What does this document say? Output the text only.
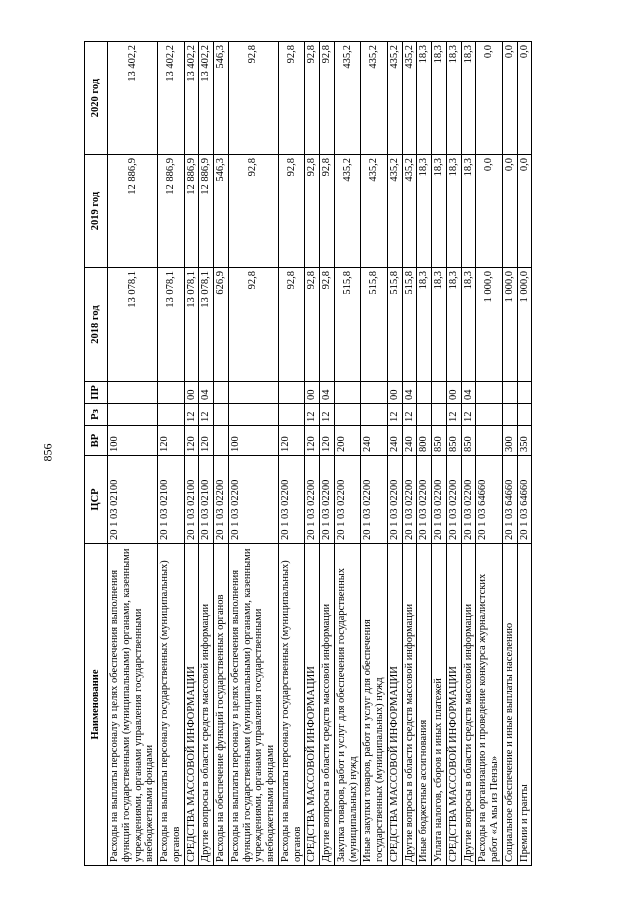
856
Наименование	ЦСР	ВР	Рз	ПР	2018 год	2019 год	2020 год
Расходы на выплаты персоналу в целях обеспечения выполнения функций государственными (муниципальными) органами, казенными учреждениями, органами управления государственными внебюджетными фондами	20 1 03 02100	100			13 078,1	12 886,9	13 402,2
Расходы на выплаты персоналу государственных (муниципальных) органов	20 1 03 02100	120			13 078,1	12 886,9	13 402,2
СРЕДСТВА МАССОВОЙ ИНФОРМАЦИИ	20 1 03 02100	120	12	00	13 078,1	12 886,9	13 402,2
Другие вопросы в области средств массовой информации	20 1 03 02100	120	12	04	13 078,1	12 886,9	13 402,2
Расходы на обеспечение функций государственных органов	20 1 03 02200				626,9	546,3	546,3
Расходы на выплаты персоналу в целях обеспечения выполнения функций государственными (муниципальными) органами, казенными учреждениями, органами управления государственными внебюджетными фондами	20 1 03 02200	100			92,8	92,8	92,8
Расходы на выплаты персоналу государственных (муниципальных) органов	20 1 03 02200	120			92,8	92,8	92,8
СРЕДСТВА МАССОВОЙ ИНФОРМАЦИИ	20 1 03 02200	120	12	00	92,8	92,8	92,8
Другие вопросы в области средств массовой информации	20 1 03 02200	120	12	04	92,8	92,8	92,8
Закупка товаров, работ и услуг для обеспечения государственных (муниципальных) нужд	20 1 03 02200	200			515,8	435,2	435,2
Иные закупки товаров, работ и услуг для обеспечения государственных (муниципальных) нужд	20 1 03 02200	240			515,8	435,2	435,2
СРЕДСТВА МАССОВОЙ ИНФОРМАЦИИ	20 1 03 02200	240	12	00	515,8	435,2	435,2
Другие вопросы в области средств массовой информации	20 1 03 02200	240	12	04	515,8	435,2	435,2
Иные бюджетные ассигнования	20 1 03 02200	800			18,3	18,3	18,3
Уплата налогов, сборов и иных платежей	20 1 03 02200	850			18,3	18,3	18,3
СРЕДСТВА МАССОВОЙ ИНФОРМАЦИИ	20 1 03 02200	850	12	00	18,3	18,3	18,3
Другие вопросы в области средств массовой информации	20 1 03 02200	850	12	04	18,3	18,3	18,3
Расходы на организацию и проведение конкурса журналистских работ «А мы из Пензы»	20 1 03 64660				1 000,0	0,0	0,0
Социальное обеспечение и иные выплаты населению	20 1 03 64660	300			1 000,0	0,0	0,0
Премии и гранты	20 1 03 64660	350			1 000,0	0,0	0,0
